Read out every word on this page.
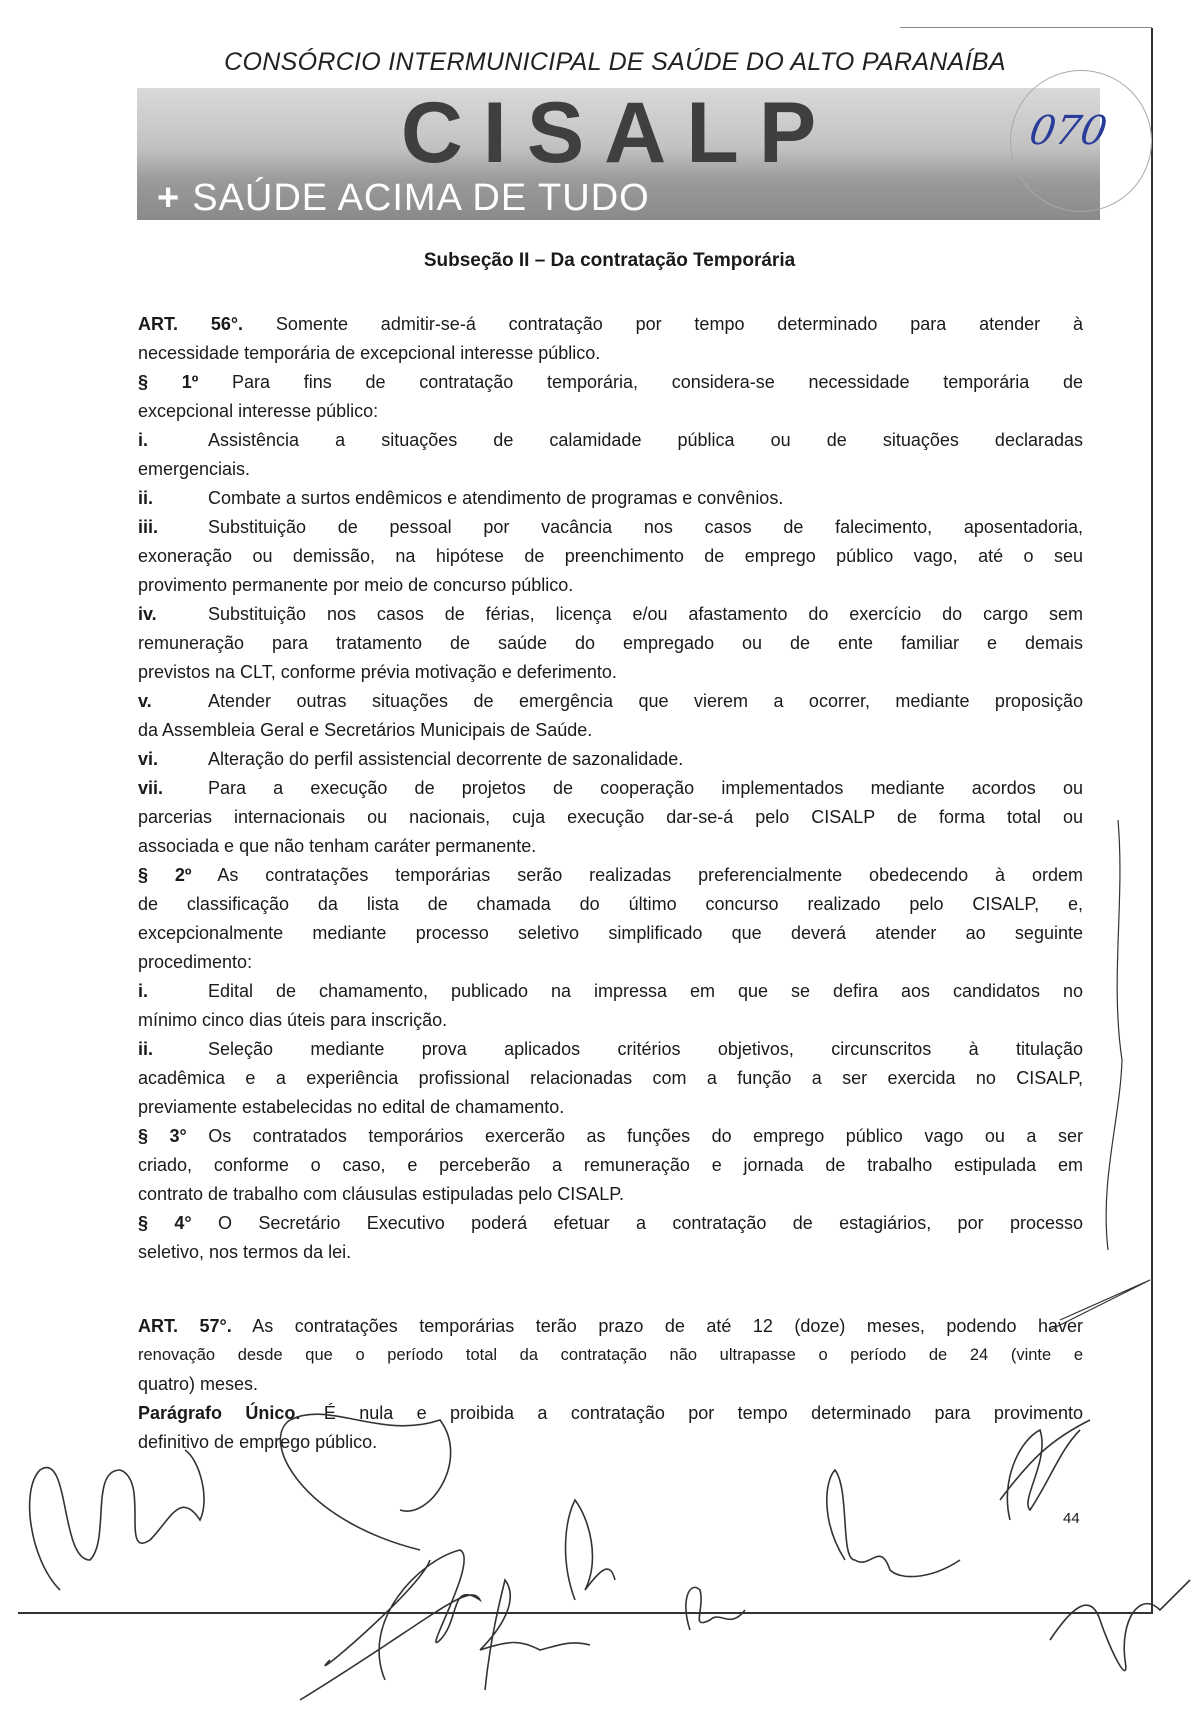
CONSÓRCIO INTERMUNICIPAL DE SAÚDE DO ALTO PARANAÍBA
CISALP
+ SAÚDE ACIMA DE TUDO
070
Subseção II – Da contratação Temporária
ART. 56°. Somente admitir-se-á contratação por tempo determinado para atender à
necessidade temporária de excepcional interesse público.
§ 1º Para fins de contratação temporária, considera-se necessidade temporária de
excepcional interesse público:
i.	Assistência a situações de calamidade pública ou de situações declaradas
emergenciais.
ii.	Combate a surtos endêmicos e atendimento de programas e convênios.
iii.	Substituição de pessoal por vacância nos casos de falecimento, aposentadoria,
exoneração ou demissão, na hipótese de preenchimento de emprego público vago, até o seu
provimento permanente por meio de concurso público.
iv.	Substituição nos casos de férias, licença e/ou afastamento do exercício do cargo sem
remuneração para tratamento de saúde do empregado ou de ente familiar e demais
previstos na CLT, conforme prévia motivação e deferimento.
v.	Atender outras situações de emergência que vierem a ocorrer, mediante proposição
da Assembleia Geral e Secretários Municipais de Saúde.
vi.	Alteração do perfil assistencial decorrente de sazonalidade.
vii. Para a execução de projetos de cooperação implementados mediante acordos ou
parcerias internacionais ou nacionais, cuja execução dar-se-á pelo CISALP de forma total ou
associada e que não tenham caráter permanente.
§ 2º As contratações temporárias serão realizadas preferencialmente obedecendo à ordem
de classificação da lista de chamada do último concurso realizado pelo CISALP, e,
excepcionalmente mediante processo seletivo simplificado que deverá atender ao seguinte
procedimento:
i.	Edital de chamamento, publicado na impressa em que se defira aos candidatos no
mínimo cinco dias úteis para inscrição.
ii.	Seleção mediante prova aplicados critérios objetivos, circunscritos à titulação
acadêmica e a experiência profissional relacionadas com a função a ser exercida no CISALP,
previamente estabelecidas no edital de chamamento.
§ 3° Os contratados temporários exercerão as funções do emprego público vago ou a ser
criado, conforme o caso, e perceberão a remuneração e jornada de trabalho estipulada em
contrato de trabalho com cláusulas estipuladas pelo CISALP.
§ 4° O Secretário Executivo poderá efetuar a contratação de estagiários, por processo
seletivo, nos termos da lei.
ART. 57°. As contratações temporárias terão prazo de até 12 (doze) meses, podendo haver
renovação desde que o período total da contratação não ultrapasse o período de 24 (vinte e
quatro) meses.
Parágrafo Único. É nula e proibida a contratação por tempo determinado para provimento
definitivo de emprego público.
44
